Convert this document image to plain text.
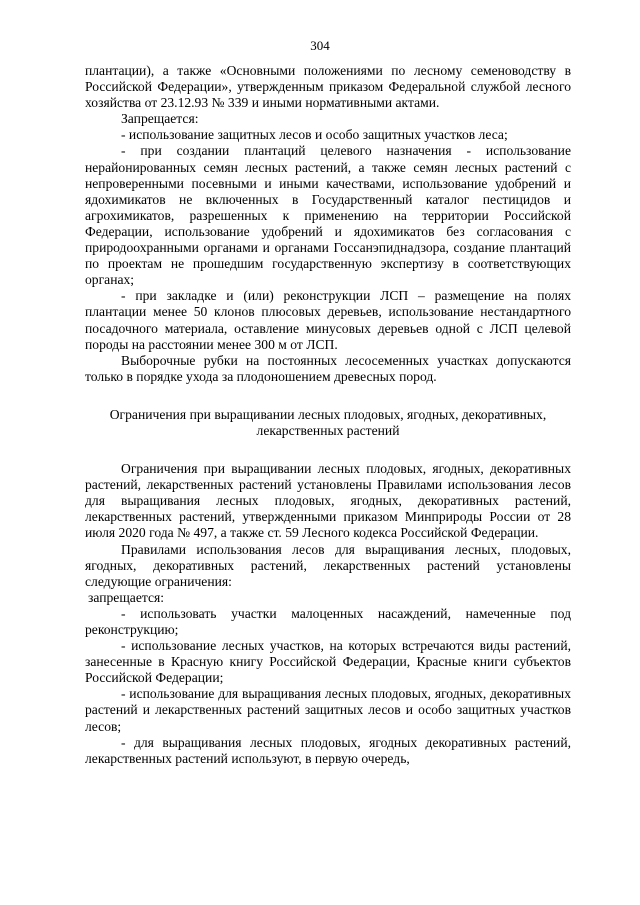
304

плантации), а также «Основными положениями по лесному семеноводству в Российской Федерации», утвержденным приказом Федеральной службой лесного хозяйства от 23.12.93 № 339 и иными нормативными актами.

Запрещается:

- использование защитных лесов и особо защитных участков леса;

- при создании плантаций целевого назначения - использование нерайонированных семян лесных растений, а также семян лесных растений с непроверенными посевными и иными качествами, использование удобрений и ядохимикатов не включенных в Государственный каталог пестицидов и агрохимикатов, разрешенных к применению на территории Российской Федерации, использование удобрений и ядохимикатов без согласования с природоохранными органами и органами Госсанэпиднадзора, создание плантаций по проектам не прошедшим государственную экспертизу в соответствующих органах;

- при закладке и (или) реконструкции ЛСП – размещение на полях плантации менее 50 клонов плюсовых деревьев, использование нестандартного посадочного материала, оставление минусовых деревьев одной с ЛСП целевой породы на расстоянии менее 300 м от ЛСП.

Выборочные рубки на постоянных лесосеменных участках допускаются только в порядке ухода за плодоношением древесных пород.

Ограничения при выращивании лесных плодовых, ягодных, декоративных, лекарственных растений

Ограничения при выращивании лесных плодовых, ягодных, декоративных растений, лекарственных растений установлены Правилами использования лесов для выращивания лесных плодовых, ягодных, декоративных растений, лекарственных растений, утвержденными приказом Минприроды России от 28 июля 2020 года № 497, а также ст. 59 Лесного кодекса Российской Федерации.

Правилами использования лесов для выращивания лесных, плодовых, ягодных, декоративных растений, лекарственных растений установлены следующие ограничения:

запрещается:

- использовать участки малоценных насаждений, намеченные под реконструкцию;

- использование лесных участков, на которых встречаются виды растений, занесенные в Красную книгу Российской Федерации, Красные книги субъектов Российской Федерации;

- использование для выращивания лесных плодовых, ягодных, декоративных растений и лекарственных растений защитных лесов и особо защитных участков лесов;

- для выращивания лесных плодовых, ягодных декоративных растений, лекарственных растений используют, в первую очередь,
